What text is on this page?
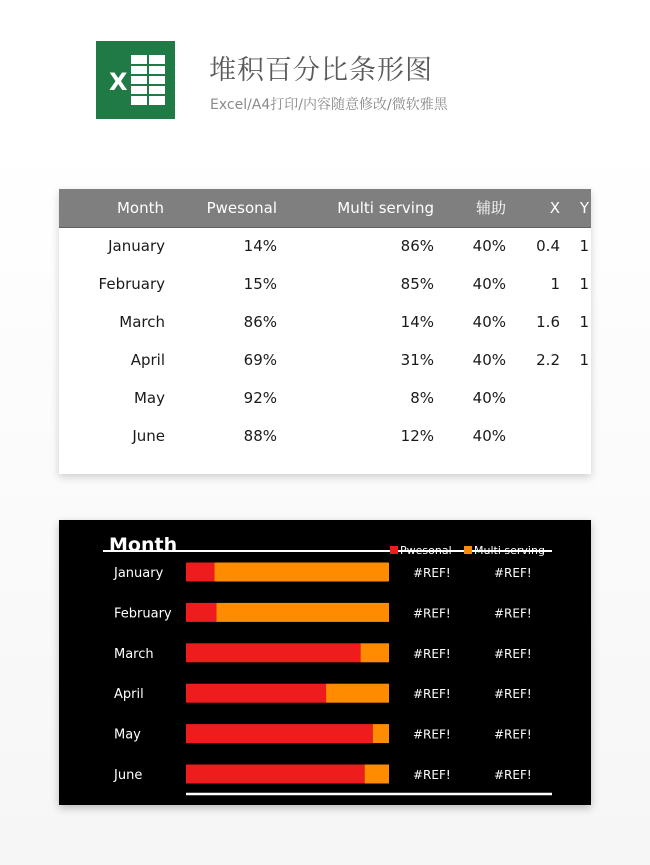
X	堆积百分比条形图
Excel/A4打印/内容随意修改/微软雅黑
Month	Pwesonal	Multi serving	辅助	X	Y
January	14%	86%	40%	0.4	1
February	15%	85%	40%	1	1
March	86%	14%	40%	1.6	1
April	69%	31%	40%	2.2	1
May	92%	8%	40%
June	88%	12%	40%
Month	Pwesonal Multi serving
January	#REF!	#REF!
February	#REF!	#REF!
March	#REF!	#REF!
April	#REF!	#REF!
May	#REF!	#REF!
June	#REF!	#REF!
